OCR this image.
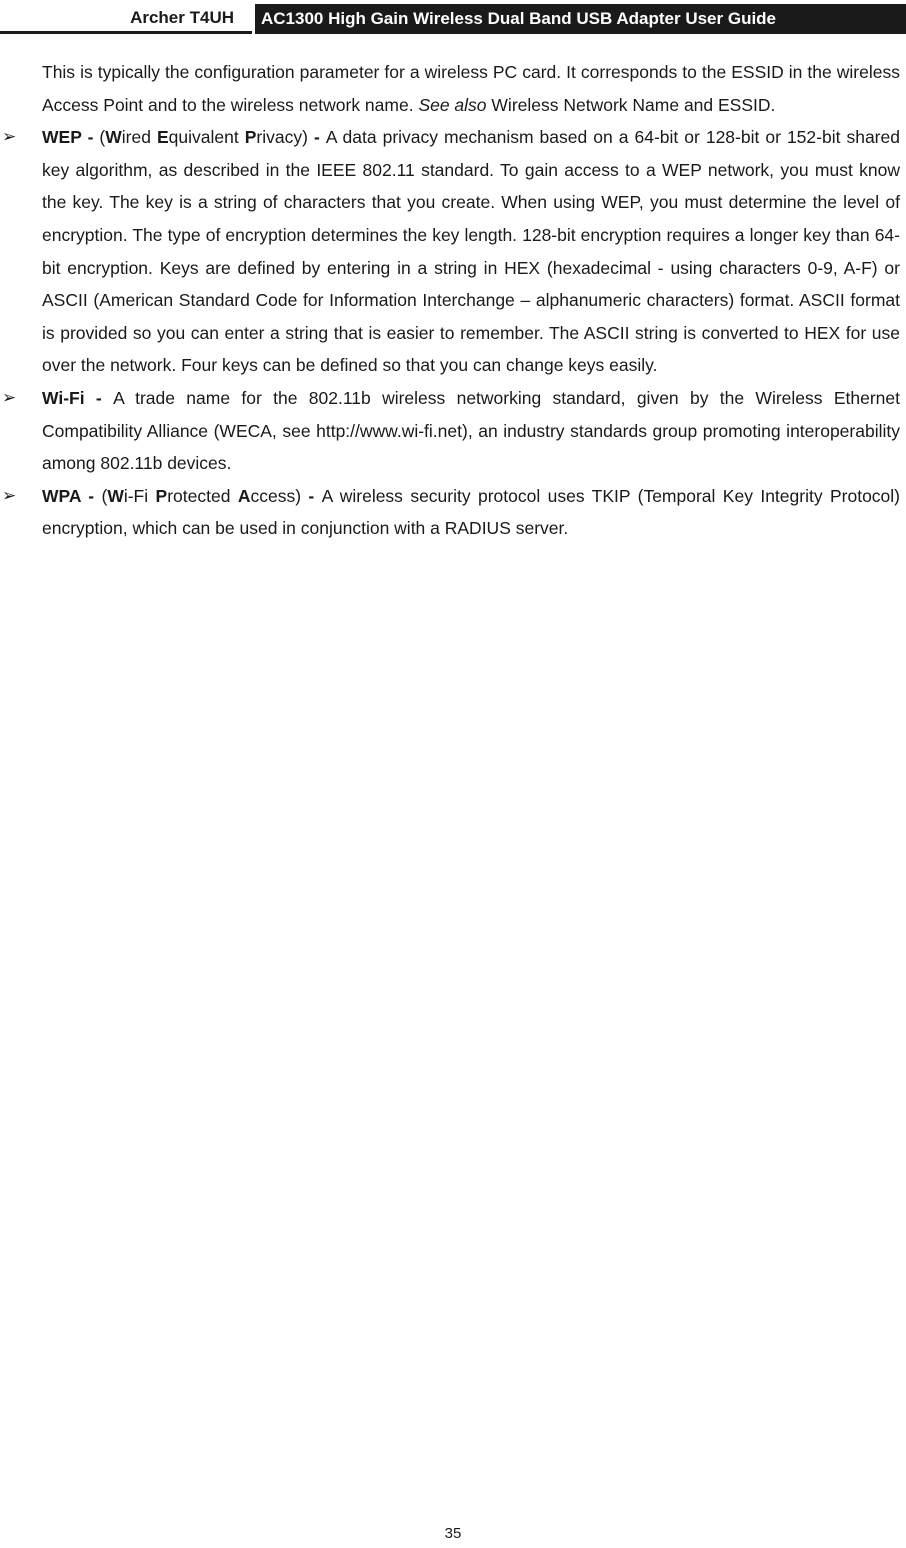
Archer T4UH	AC1300 High Gain Wireless Dual Band USB Adapter User Guide

This is typically the configuration parameter for a wireless PC card. It corresponds to the ESSID in the wireless Access Point and to the wireless network name. See also Wireless Network Name and ESSID.

➢ WEP - (Wired Equivalent Privacy) - A data privacy mechanism based on a 64-bit or 128-bit or 152-bit shared key algorithm, as described in the IEEE 802.11 standard. To gain access to a WEP network, you must know the key. The key is a string of characters that you create. When using WEP, you must determine the level of encryption. The type of encryption determines the key length. 128-bit encryption requires a longer key than 64-bit encryption. Keys are defined by entering in a string in HEX (hexadecimal - using characters 0-9, A-F) or ASCII (American Standard Code for Information Interchange – alphanumeric characters) format. ASCII format is provided so you can enter a string that is easier to remember. The ASCII string is converted to HEX for use over the network. Four keys can be defined so that you can change keys easily.

➢ Wi-Fi - A trade name for the 802.11b wireless networking standard, given by the Wireless Ethernet Compatibility Alliance (WECA, see http://www.wi-fi.net), an industry standards group promoting interoperability among 802.11b devices.

➢ WPA - (Wi-Fi Protected Access) - A wireless security protocol uses TKIP (Temporal Key Integrity Protocol) encryption, which can be used in conjunction with a RADIUS server.

35
